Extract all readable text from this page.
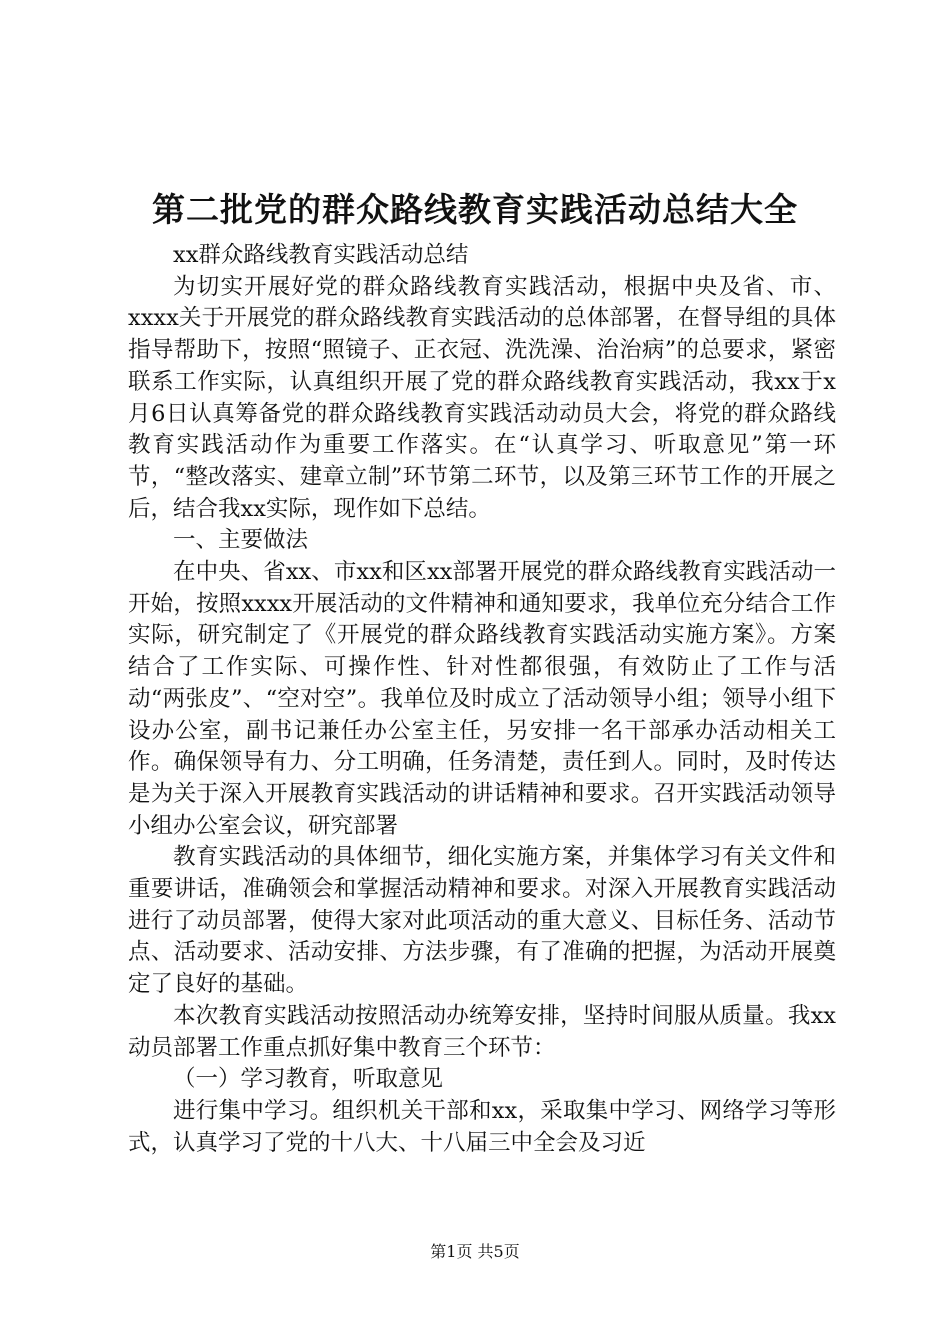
第二批党的群众路线教育实践活动总结大全

xx群众路线教育实践活动总结

为切实开展好党的群众路线教育实践活动，根据中央及省、市、xxxx关于开展党的群众路线教育实践活动的总体部署，在督导组的具体指导帮助下，按照“照镜子、正衣冠、洗洗澡、治治病”的总要求，紧密联系工作实际，认真组织开展了党的群众路线教育实践活动，我xx于x月6日认真筹备党的群众路线教育实践活动动员大会，将党的群众路线教育实践活动作为重要工作落实。在“认真学习、听取意见”第一环节，“整改落实、建章立制”环节第二环节，以及第三环节工作的开展之后，结合我xx实际，现作如下总结。

一、主要做法

在中央、省xx、市xx和区xx部署开展党的群众路线教育实践活动一开始，按照xxxx开展活动的文件精神和通知要求，我单位充分结合工作实际，研究制定了《开展党的群众路线教育实践活动实施方案》。方案结合了工作实际、可操作性、针对性都很强，有效防止了工作与活动“两张皮”、“空对空”。我单位及时成立了活动领导小组；领导小组下设办公室，副书记兼任办公室主任，另安排一名干部承办活动相关工作。确保领导有力、分工明确，任务清楚，责任到人。同时，及时传达是为关于深入开展教育实践活动的讲话精神和要求。召开实践活动领导小组办公室会议，研究部署

教育实践活动的具体细节，细化实施方案，并集体学习有关文件和重要讲话，准确领会和掌握活动精神和要求。对深入开展教育实践活动进行了动员部署，使得大家对此项活动的重大意义、目标任务、活动节点、活动要求、活动安排、方法步骤，有了准确的把握，为活动开展奠定了良好的基础。

本次教育实践活动按照活动办统筹安排，坚持时间服从质量。我xx动员部署工作重点抓好集中教育三个环节：

（一）学习教育，听取意见

进行集中学习。组织机关干部和xx，采取集中学习、网络学习等形式，认真学习了党的十八大、十八届三中全会及习近

第1页 共5页
